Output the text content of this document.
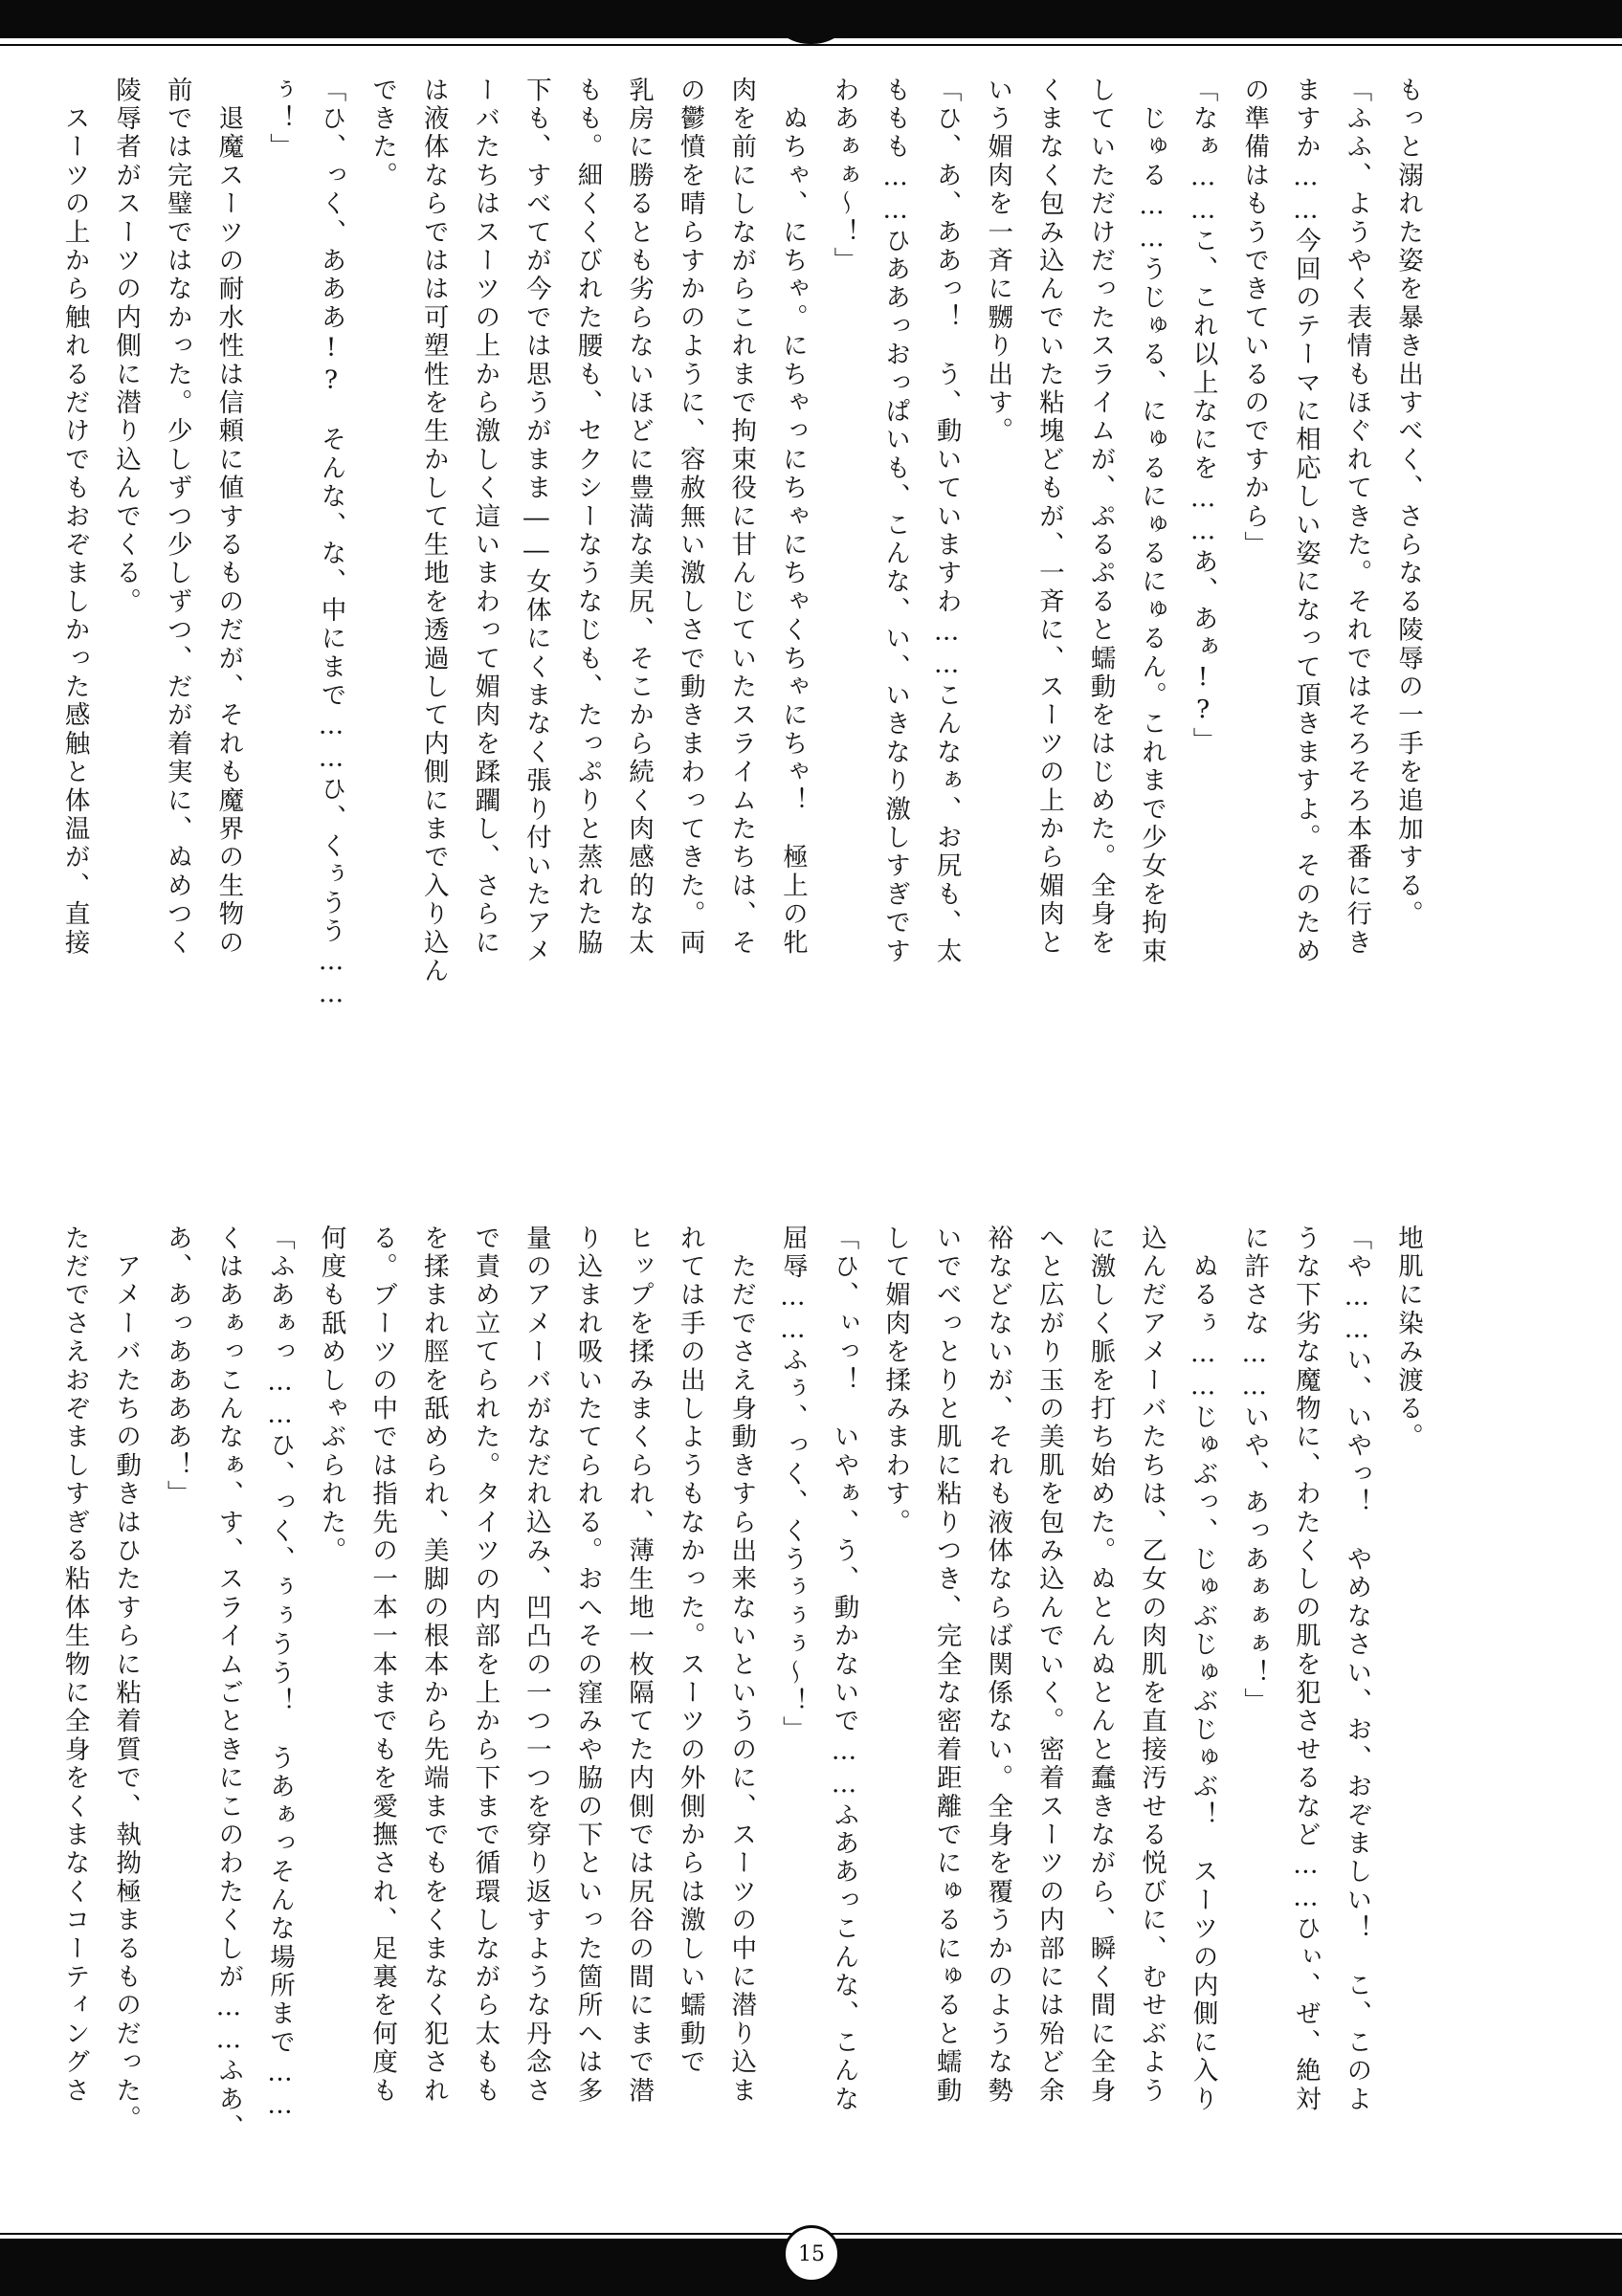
もっと溺れた姿を暴き出すべく、さらなる陵辱の一手を追加する。
「ふふ、ようやく表情もほぐれてきた。それではそろそろ本番に行き
ますか……今回のテーマに相応しい姿になって頂きますよ。そのため
の準備はもうできているのですから」
「なぁ……こ、これ以上なにを……あ、あぁ!?」
　じゅる……うじゅる、にゅるにゅるにゅるん。これまで少女を拘束
していただけだったスライムが、ぷるぷると蠕動をはじめた。全身を
くまなく包み込んでいた粘塊どもが、一斉に、スーツの上から媚肉と
いう媚肉を一斉に嬲り出す。
「ひ、あ、ああっ！　う、動いていますわ……こんなぁ、お尻も、太
ももも……ひああっおっぱいも、こんな、い、いきなり激しすぎです
わあぁぁ～！」
　ぬちゃ、にちゃ。にちゃっにちゃにちゃくちゃにちゃ！　極上の牝
肉を前にしながらこれまで拘束役に甘んじていたスライムたちは、そ
の鬱憤を晴らすかのように、容赦無い激しさで動きまわってきた。両
乳房に勝るとも劣らないほどに豊満な美尻、そこから続く肉感的な太
もも。細くくびれた腰も、セクシーなうなじも、たっぷりと蒸れた脇
下も、すべてが今では思うがまま――女体にくまなく張り付いたアメ
ーバたちはスーツの上から激しく這いまわって媚肉を蹂躙し、さらに
は液体ならではは可塑性を生かして生地を透過して内側にまで入り込ん
できた。
「ひ、っく、あああ!?　そんな、な、中にまで……ひ、くぅうう……
ぅ！」
　退魔スーツの耐水性は信頼に値するものだが、それも魔界の生物の
前では完璧ではなかった。少しずつ少しずつ、だが着実に、ぬめつく
陵辱者がスーツの内側に潜り込んでくる。
　スーツの上から触れるだけでもおぞましかった感触と体温が、直接
地肌に染み渡る。
「や……い、いやっ！　やめなさい、お、おぞましい！　こ、このよ
うな下劣な魔物に、わたくしの肌を犯させるなど……ひぃ、ぜ、絶対
に許さな……いや、あっあぁぁぁ！」
　ぬるぅ……じゅぶっ、じゅぶじゅぶじゅぶ！　スーツの内側に入り
込んだアメーバたちは、乙女の肉肌を直接汚せる悦びに、むせぶよう
に激しく脈を打ち始めた。ぬとんぬとんと蠢きながら、瞬く間に全身
へと広がり玉の美肌を包み込んでいく。密着スーツの内部には殆ど余
裕などないが、それも液体ならば関係ない。全身を覆うかのような勢
いでべっとりと肌に粘りつき、完全な密着距離でにゅるにゅると蠕動
して媚肉を揉みまわす。
「ひ、ぃっ！　いやぁ、う、動かないで……ふああっこんな、こんな
屈辱……ふぅ、っく、くうぅぅぅ～！」
　ただでさえ身動きすら出来ないというのに、スーツの中に潜り込ま
れては手の出しようもなかった。スーツの外側からは激しい蠕動で
ヒップを揉みまくられ、薄生地一枚隔てた内側では尻谷の間にまで潜
り込まれ吸いたてられる。おへその窪みや脇の下といった箇所へは多
量のアメーバがなだれ込み、凹凸の一つ一つを穿り返すような丹念さ
で責め立てられた。タイツの内部を上から下まで循環しながら太もも
を揉まれ脛を舐められ、美脚の根本から先端までもをくまなく犯され
る。ブーツの中では指先の一本一本までもを愛撫され、足裏を何度も
何度も舐めしゃぶられた。
「ふあぁっ……ひ、っく、ぅぅうう！　うあぁっそんな場所まで……
くはあぁっこんなぁ、す、スライムごときにこのわたくしが……ふあ、
あ、あっああああ！」
　アメーバたちの動きはひたすらに粘着質で、執拗極まるものだった。
ただでさえおぞましすぎる粘体生物に全身をくまなくコーティングさ
15
